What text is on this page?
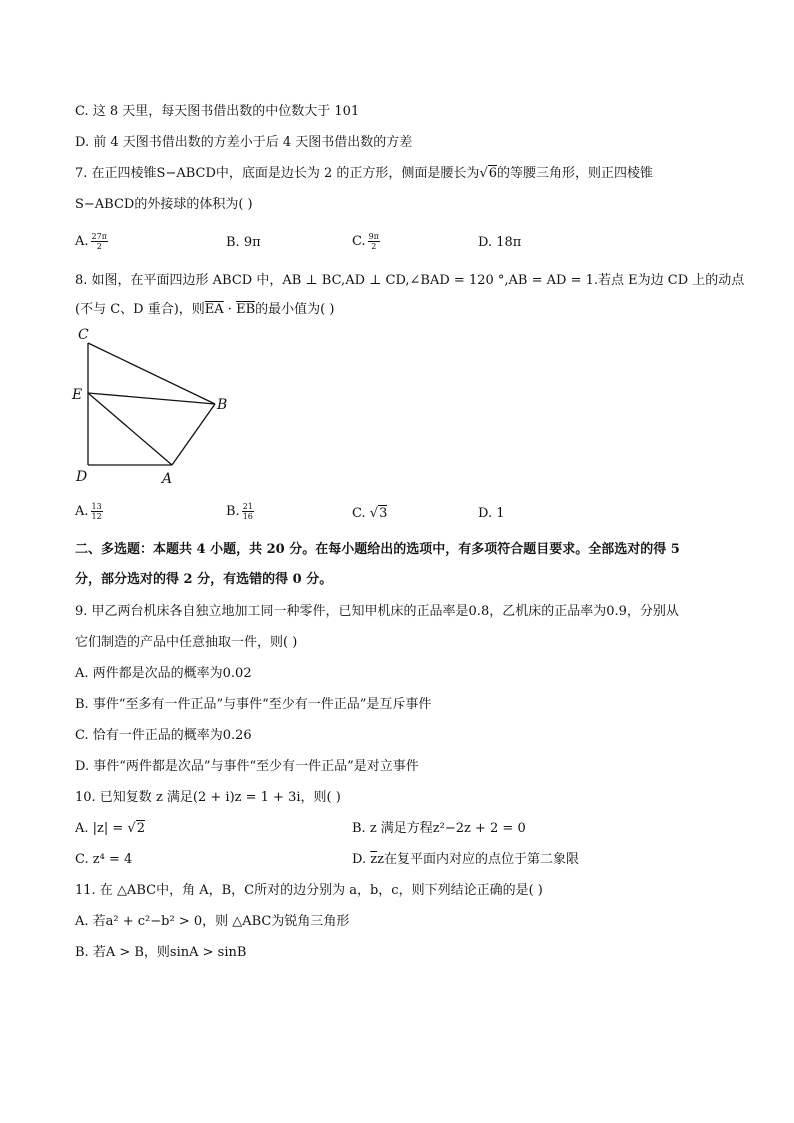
C. 这 8 天里，每天图书借出数的中位数大于 101
D. 前 4 天图书借出数的方差小于后 4 天图书借出数的方差
7. 在正四棱锥S−ABCD中，底面是边长为 2 的正方形，侧面是腰长为√6的等腰三角形，则正四棱锥
S−ABCD的外接球的体积为( )
A. $\frac{27\pi}{2}$	B. 9π	C. $\frac{9\pi}{2}$	D. 18π
8. 如图，在平面四边形 ABCD 中，AB ⊥ BC,AD ⊥ CD,∠BAD = 120 °,AB = AD = 1.若点 E为边 CD 上的动点
(不与 C、D 重合)，则$\overline{EA} \cdot \overline{EB}$的最小值为( )
C
E
B
D	A
A. $\frac{13}{12}$	B. $\frac{21}{16}$	C. √3	D. 1
二、多选题：本题共 4 小题，共 20 分。在每小题给出的选项中，有多项符合题目要求。全部选对的得 5
分，部分选对的得 2 分，有选错的得 0 分。
9. 甲乙两台机床各自独立地加工同一种零件，已知甲机床的正品率是0.8，乙机床的正品率为0.9，分别从
它们制造的产品中任意抽取一件，则( )
A. 两件都是次品的概率为0.02
B. 事件“至多有一件正品”与事件“至少有一件正品”是互斥事件
C. 恰有一件正品的概率为0.26
D. 事件“两件都是次品”与事件“至少有一件正品”是对立事件
10. 已知复数 z 满足(2 + i)z = 1 + 3i，则( )
A. |z| = √2	B. z 满足方程z²−2z + 2 = 0
C. z⁴ = 4	D. $\overline{z}z$在复平面内对应的点位于第二象限
11. 在 △ABC中，角 A，B，C所对的边分别为 a，b，c，则下列结论正确的是( )
A. 若a² + c²−b² > 0，则 △ABC为锐角三角形
B. 若A > B，则sinA > sinB
